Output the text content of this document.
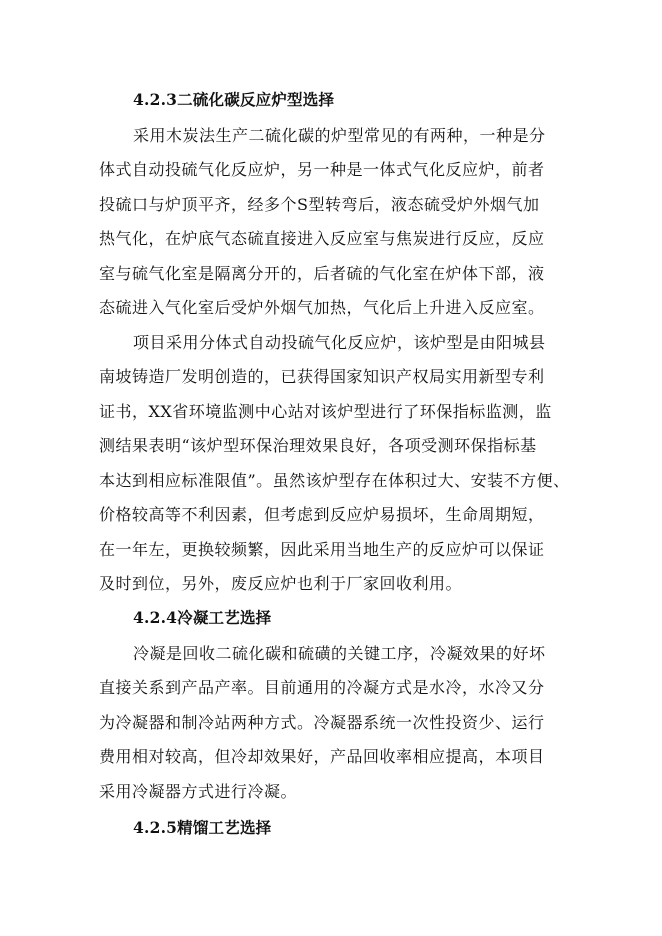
4.2.3二硫化碳反应炉型选择
采用木炭法生产二硫化碳的炉型常见的有两种，一种是分
体式自动投硫气化反应炉，另一种是一体式气化反应炉，前者
投硫口与炉顶平齐，经多个S型转弯后，液态硫受炉外烟气加
热气化，在炉底气态硫直接进入反应室与焦炭进行反应，反应
室与硫气化室是隔离分开的，后者硫的气化室在炉体下部，液
态硫进入气化室后受炉外烟气加热，气化后上升进入反应室。
项目采用分体式自动投硫气化反应炉，该炉型是由阳城县
南坡铸造厂发明创造的，已获得国家知识产权局实用新型专利
证书，XX省环境监测中心站对该炉型进行了环保指标监测，监
测结果表明“该炉型环保治理效果良好，各项受测环保指标基
本达到相应标准限值”。虽然该炉型存在体积过大、安装不方便、
价格较高等不利因素，但考虑到反应炉易损坏，生命周期短，
在一年左，更换较频繁，因此采用当地生产的反应炉可以保证
及时到位，另外，废反应炉也利于厂家回收利用。
4.2.4冷凝工艺选择
冷凝是回收二硫化碳和硫磺的关键工序，冷凝效果的好坏
直接关系到产品产率。目前通用的冷凝方式是水冷，水冷又分
为冷凝器和制冷站两种方式。冷凝器系统一次性投资少、运行
费用相对较高，但冷却效果好，产品回收率相应提高，本项目
采用冷凝器方式进行冷凝。
4.2.5精馏工艺选择
